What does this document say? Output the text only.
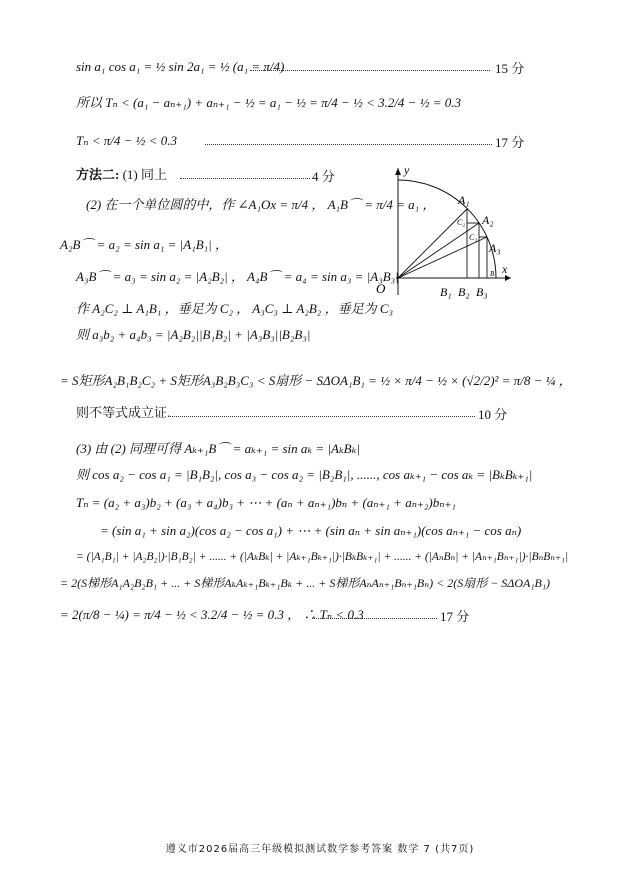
sin a₁ cos a₁ = ½ sin 2a₁ = ½ (a₁ = π/4)	15 分
所以 Tₙ < (a₁ − aₙ₊₁) + aₙ₊₁ − ½ = a₁ − ½ = π/4 − ½ < 3.2/4 − ½ = 0.3
Tₙ < π/4 − ½ < 0.3	17 分
方法二: (1) 同上	4 分
(2) 在一个单位圆的中，作 ∠A₁Ox = π/4 ， A₁B⌒ = π/4 = a₁ ，
A₂B⌒ = a₂ = sin a₁ = |A₁B₁| ，
A₃B⌒ = a₃ = sin a₂ = |A₂B₂| ， A₄B⌒ = a₄ = sin a₃ = |A₃B₃|
作 A₂C₂ ⊥ A₁B₁ ，垂足为 C₂ ， A₃C₃ ⊥ A₂B₂ ，垂足为 C₃
则 a₃b₂ + a₄b₃ = |A₂B₂||B₁B₂| + |A₃B₃||B₂B₃|
= S矩形A₂B₁B₂C₂ + S矩形A₃B₂B₃C₃ < S扇形 − SΔOA₁B₁ = ½ × π/4 − ½ × (√2/2)² = π/8 − ¼ ，
则不等式成立证.	10 分
(3) 由 (2) 同理可得 Aₖ₊₁B⌒ = aₖ₊₁ = sin aₖ = |AₖBₖ|
则 cos a₂ − cos a₁ = |B₁B₂|, cos a₃ − cos a₂ = |B₂B₁|, ......, cos aₖ₊₁ − cos aₖ = |BₖBₖ₊₁|
Tₙ = (a₂ + a₃)b₂ + (a₃ + a₄)b₃ + ⋯ + (aₙ + aₙ₊₁)bₙ + (aₙ₊₁ + aₙ₊₂)bₙ₊₁
= (sin a₁ + sin a₂)(cos a₂ − cos a₁) + ⋯ + (sin aₙ + sin aₙ₊₁)(cos aₙ₊₁ − cos aₙ)
= (|A₁B₁| + |A₂B₂|)·|B₁B₂| + ...... + (|AₖBₖ| + |Aₖ₊₁Bₖ₊₁|)·|BₖBₖ₊₁| + ...... + (|AₙBₙ| + |Aₙ₊₁Bₙ₊₁|)·|BₙBₙ₊₁|
= 2(S梯形A₁A₂B₂B₁ + ... + S梯形AₖAₖ₊₁Bₖ₊₁Bₖ + ... + S梯形AₙAₙ₊₁Bₙ₊₁Bₙ) < 2(S扇形 − SΔOA₁B₁)
= 2(π/8 − ¼) = π/4 − ½ < 3.2/4 − ½ = 0.3 ， ∴ Tₙ < 0.3	17 分
y
x
O
A₁
A₂
A₃
C₂
C₃
B
B₁ B₂ B₃
遵义市2026届高三年级模拟测试数学参考答案 数学 7 (共7页)
